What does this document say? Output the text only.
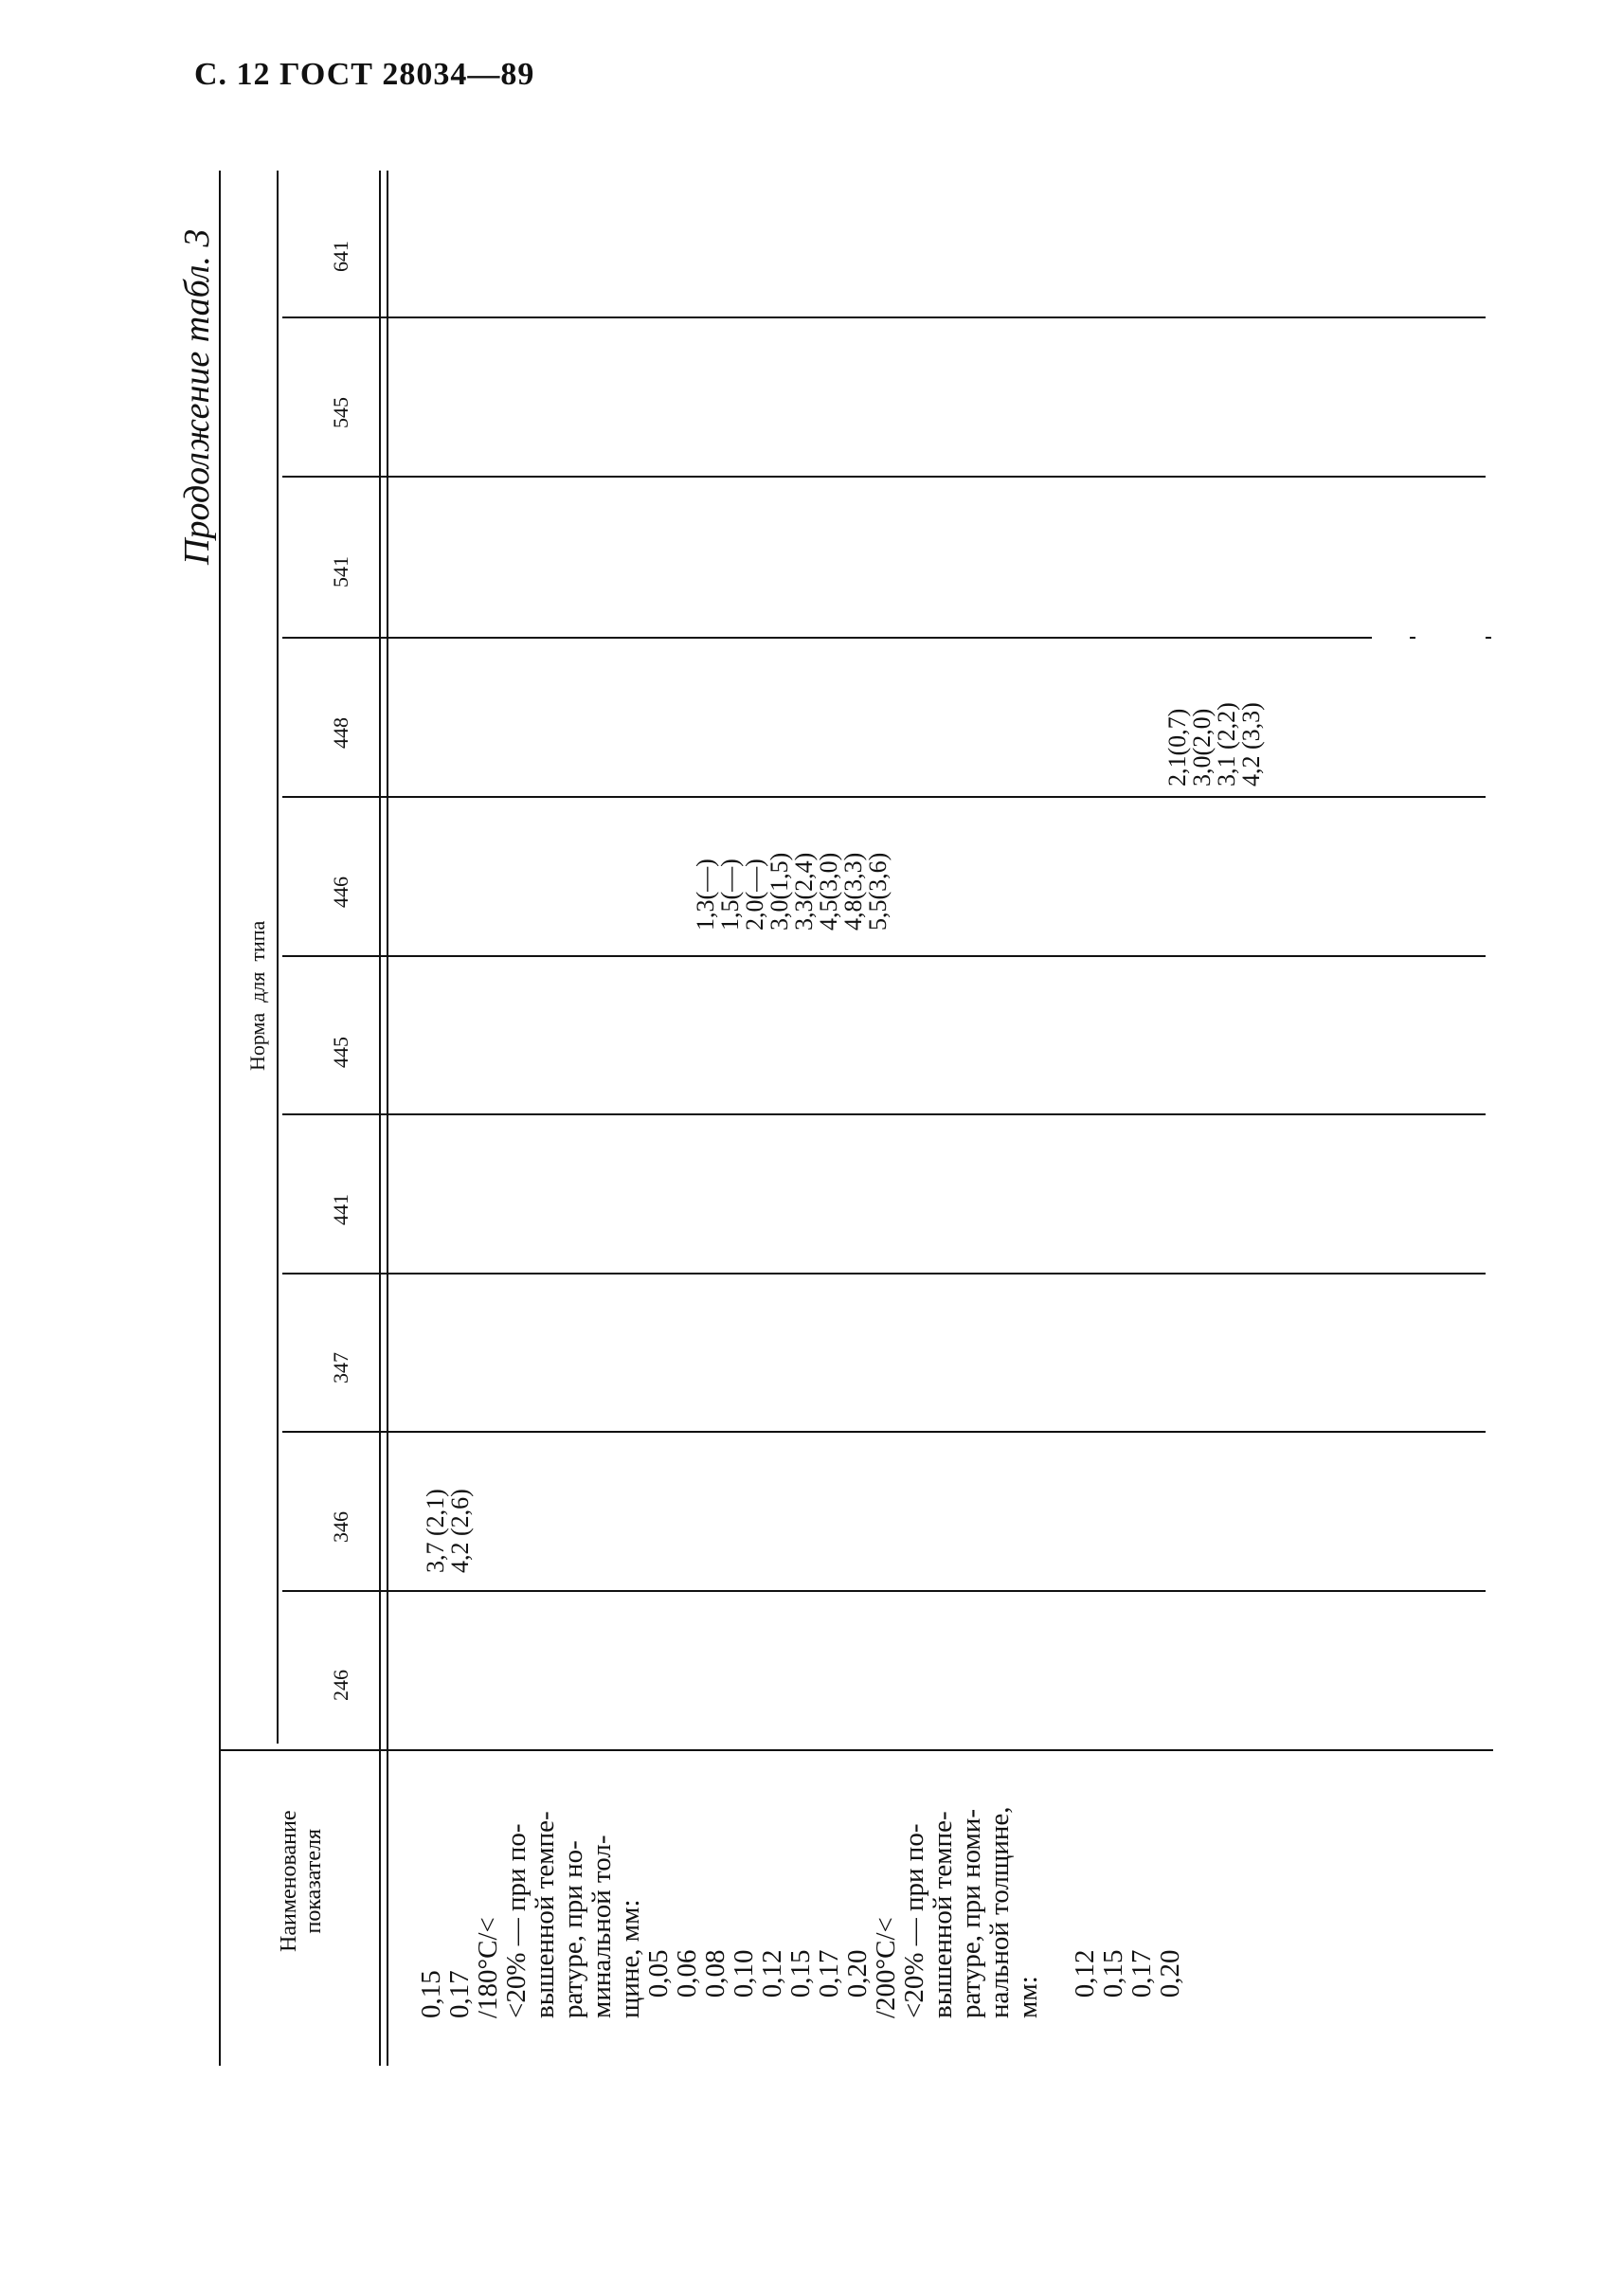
С. 12 ГОСТ 28034—89
Продолжение табл. 3
Норма  для  типа
641
545
541
448
446
445
441
347
346
246
Наименование
показателя
3,7 (2,1)
4,2 (2,6)
1,3(—)
1,5(—)
2,0(—)
3,0(1,5)
3,3(2,4)
4,5(3,0)
4,8(3,3)
5,5(3,6)
2,1(0,7)
3,0(2,0)
3,1 (2,2)
4,2 (3,3)
0,15
0,17
/180°C/<
<20% — при по-
вышенной темпе-
ратуре, при но-
минальной тол-
щине, мм:
0,05
0,06
0,08
0,10
0,12
0,15
0,17
0,20
/200°C/<
<20% — при по-
вышенной темпе-
ратуре, при номи-
нальной толщине,
мм:

0,12
0,15
0,17
0,20
